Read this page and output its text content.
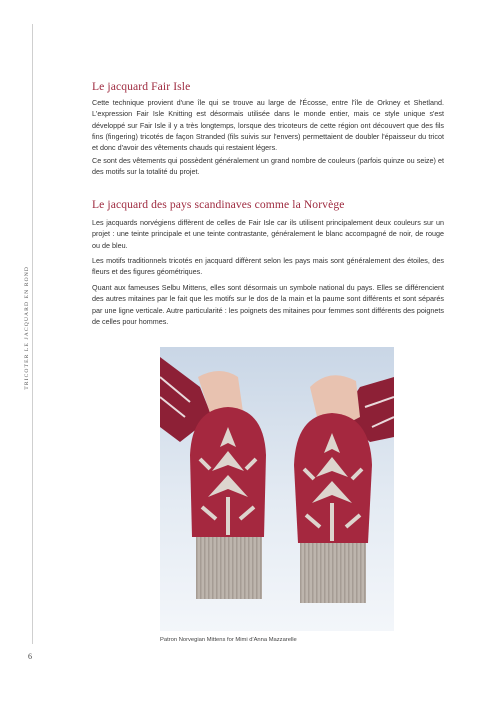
TRICOTER LE JACQUARD EN ROND
Le jacquard Fair Isle

Cette technique provient d'une île qui se trouve au large de l'Écosse, entre l'île de Orkney et Shetland. L'expression Fair Isle Knitting est désormais utilisée dans le monde entier, mais ce style unique s'est développé sur Fair Isle il y a très longtemps, lorsque des tricoteurs de cette région ont découvert que des fils fins (fingering) tricotés de façon Stranded (fils suivis sur l'envers) permettaient de doubler l'épaisseur du tricot et donc d'avoir des vêtements chauds qui restaient légers.

Ce sont des vêtements qui possèdent généralement un grand nombre de couleurs (parfois quinze ou seize) et des motifs sur la totalité du projet.

Le jacquard des pays scandinaves comme la Norvège

Les jacquards norvégiens diffèrent de celles de Fair Isle car ils utilisent principalement deux couleurs sur un projet : une teinte principale et une teinte contrastante, généralement le blanc accompagné de noir, de rouge ou de bleu.

Les motifs traditionnels tricotés en jacquard diffèrent selon les pays mais sont généralement des étoiles, des fleurs et des figures géométriques.

Quant aux fameuses Selbu Mittens, elles sont désormais un symbole national du pays. Elles se différencient des autres mitaines par le fait que les motifs sur le dos de la main et la paume sont différents et sont séparés par une ligne verticale. Autre particularité : les poignets des mitaines pour femmes sont différents des poignets de celles pour hommes.

Patron Norvegian Mittens for Mimi d'Anna Mazzarelle
6
